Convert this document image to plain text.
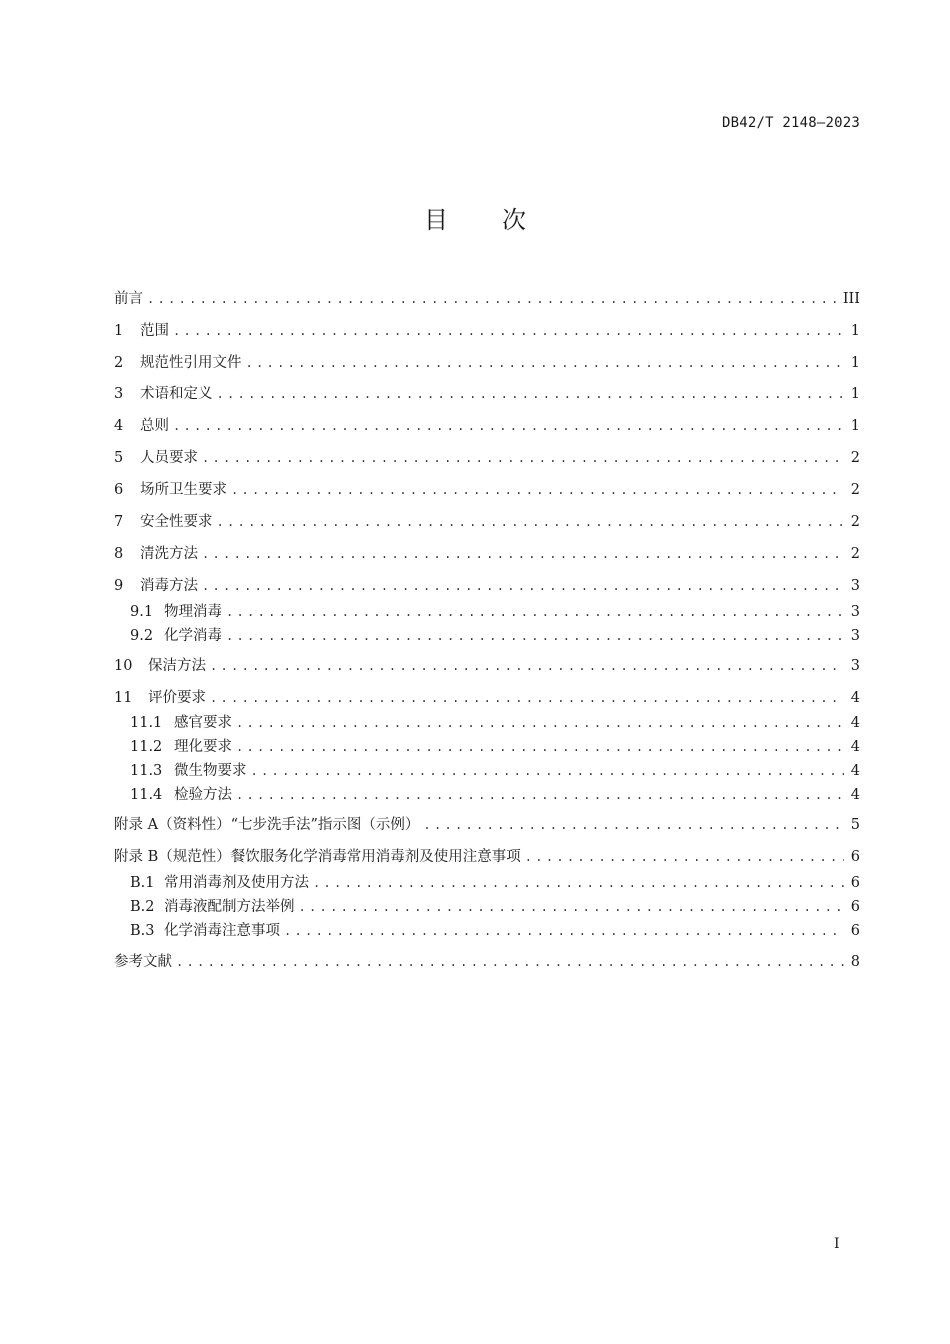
DB42/T 2148—2023
目 次
前言 .....	III
1	范围 .....	1
2	规范性引用文件 .....	1
3	术语和定义 .....	1
4	总则 .....	1
5	人员要求 .....	2
6	场所卫生要求 .....	2
7	安全性要求 .....	2
8	清洗方法 .....	2
9	消毒方法 .....	3
9.1 物理消毒 .....	3
9.2 化学消毒 .....	3
10	保洁方法 .....	3
11	评价要求 .....	4
11.1 感官要求 .....	4
11.2 理化要求 .....	4
11.3 微生物要求 .....	4
11.4 检验方法 .....	4
附录 A（资料性） “七步洗手法”指示图（示例） .....	5
附录 B（规范性） 餐饮服务化学消毒常用消毒剂及使用注意事项 .....	6
B.1 常用消毒剂及使用方法 .....	6
B.2 消毒液配制方法举例 .....	6
B.3 化学消毒注意事项 .....	6
参考文献 .....	8
I
